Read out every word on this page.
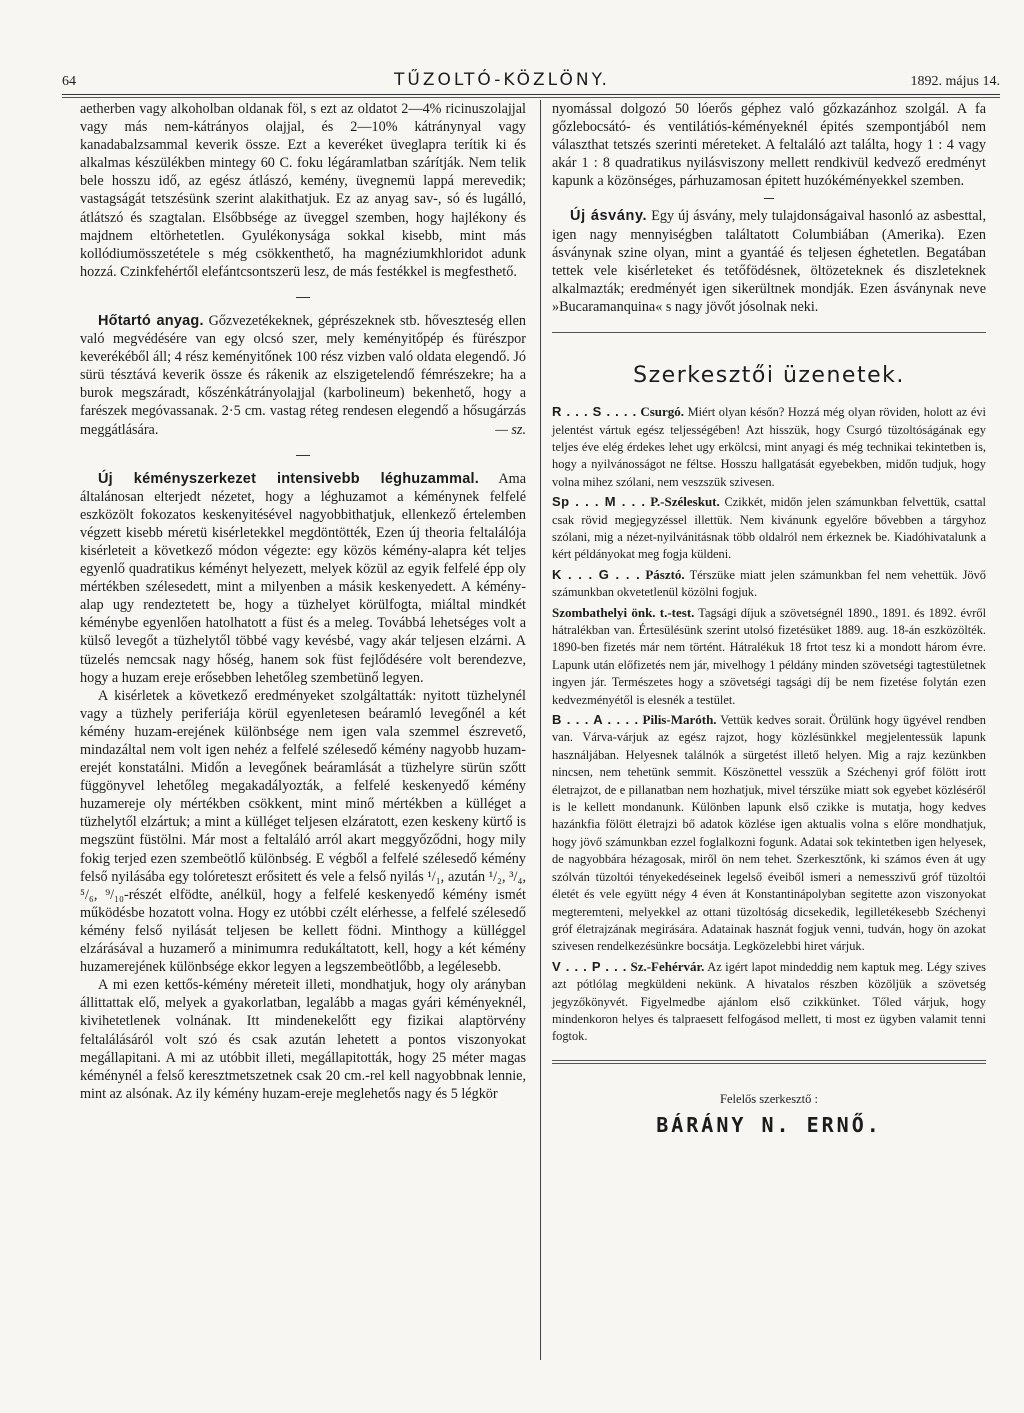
64	TŰZOLTÓ-KÖZLÖNY.	1892. május 14.

aetherben vagy alkoholban oldanak föl, s ezt az oldatot 2—4% ricinuszolajjal vagy más nem-kátrányos olajjal, és 2—10% kátránynyal vagy kanadabalzsammal keverik össze. Ezt a keveréket üveglapra terítik ki és alkalmas készülékben mintegy 60 C. foku légáramlatban szárítják. Nem telik bele hosszu idő, az egész átlászó, kemény, üvegnemü lappá merevedik; vastagságát tetszésünk szerint alakithatjuk. Ez az anyag sav-, só és lugálló, átlátszó és szagtalan. Elsőbbsége az üveggel szemben, hogy hajlékony és majdnem eltörhetetlen. Gyulékonysága sokkal kisebb, mint más kollódiumösszetétele s még csökkenthető, ha magnéziumkhloridot adunk hozzá. Czinkfehértől elefántcsontszerü lesz, de más festékkel is megfesthető.

Hőtartó anyag. Gőzvezetékeknek, géprészeknek stb. hőveszteség ellen való megvédésére van egy olcsó szer, mely keményitőpép és fürészpor keverékéből áll; 4 rész keményitőnek 100 rész vizben való oldata elegendő. Jó sürü tésztává keverik össze és rákenik az elszigetelendő fémrészekre; ha a burok megszáradt, kőszénkátrányolajjal (karbolineum) bekenhető, hogy a farészek megóvassanak. 2·5 cm. vastag réteg rendesen elegendő a hősugárzás meggátlására.	— sz.

Új kéményszerkezet intensivebb léghuzammal. Ama általánosan elterjedt nézetet, hogy a léghuzamot a kéménynek felfelé eszközölt fokozatos keskenyitésével nagyobbithatjuk, ellenkező értelemben végzett kisebb méretü kisérletekkel megdöntötték, Ezen új theoria feltalálója kisérleteit a következő módon végezte: egy közös kémény-alapra két teljes egyenlő quadratikus kéményt helyezett, melyek közül az egyik felfelé épp oly mértékben szélesedett, mint a milyenben a másik keskenyedett. A kémény-alap ugy rendeztetett be, hogy a tüzhelyet körülfogta, miáltal mindkét kéménybe egyenlően hatolhatott a füst és a meleg. Továbbá lehetséges volt a külső levegőt a tüzhelytől többé vagy kevésbé, vagy akár teljesen elzárni. A tüzelés nemcsak nagy hőség, hanem sok füst fejlődésére volt berendezve, hogy a huzam ereje erősebben lehetőleg szembetünő legyen.

A kisérletek a következő eredményeket szolgáltatták: nyitott tüzhelynél vagy a tüzhely periferiája körül egyenletesen beáramló levegőnél a két kémény huzam-erejének különbsége nem igen vala szemmel észrevető, mindazáltal nem volt igen nehéz a felfelé szélesedő kémény nagyobb huzam-erejét konstatálni. Midőn a levegőnek beáramlását a tüzhelyre sürün szőtt függönyvel lehetőleg megakadályozták, a felfelé keskenyedő kémény huzamereje oly mértékben csökkent, mint minő mértékben a külléget a tüzhelytől elzártuk; a mint a külléget teljesen elzáratott, ezen keskeny kürtő is megszünt füstölni. Már most a feltaláló arról akart meggyőződni, hogy mily fokig terjed ezen szembeötlő különbség. E végből a felfelé szélesedő kémény felső nyilásába egy tolóreteszt erősitett és vele a felső nyilás ¹/₁, azután ¹/₂, ³/₄, ⁵/₆, ⁹/₁₀-részét elfödte, anélkül, hogy a felfelé keskenyedő kémény ismét működésbe hozatott volna. Hogy ez utóbbi czélt elérhesse, a felfelé szélesedő kémény felső nyilását teljesen be kellett födni. Minthogy a külléggel elzárásával a huzamerő a minimumra redukáltatott, kell, hogy a két kémény huzamerejének különbsége ekkor legyen a legszembeötlőbb, a legélesebb.

A mi ezen kettős-kémény méreteit illeti, mondhatjuk, hogy oly arányban állittattak elő, melyek a gyakorlatban, legalább a magas gyári kéményeknél, kivihetetlenek volnának. Itt mindenekelőtt egy fizikai alaptörvény feltalálásáról volt szó és csak azután lehetett a pontos viszonyokat megállapitani. A mi az utóbbit illeti, megállapitották, hogy 25 méter magas kéménynél a felső keresztmetszetnek csak 20 cm.-rel kell nagyobbnak lennie, mint az alsónak. Az ily kémény huzam-ereje meglehetős nagy és 5 légkör

nyomással dolgozó 50 lóerős géphez való gőzkazánhoz szolgál. A fa gőzlebocsátó- és ventilátiós-kéményeknél épités szempontjából nem választhat tetszés szerinti méreteket. A feltaláló azt találta, hogy 1 : 4 vagy akár 1 : 8 quadratikus nyilásviszony mellett rendkivül kedvező eredményt kapunk a közönséges, párhuzamosan épitett huzókéményekkel szemben.

Új ásvány. Egy új ásvány, mely tulajdonságaival hasonló az asbesttal, igen nagy mennyiségben találtatott Columbiában (Amerika). Ezen ásványnak szine olyan, mint a gyantáé és teljesen éghetetlen. Begatában tettek vele kisérleteket és tetőfödésnek, öltözeteknek és diszleteknek alkalmazták; eredményét igen sikerültnek mondják. Ezen ásványnak neve »Bucaramanquina« s nagy jövőt jósolnak neki.

Szerkesztői üzenetek.

R . . . S . . . . Csurgó. Miért olyan későn? Hozzá még olyan röviden, holott az évi jelentést vártuk egész teljességében! Azt hisszük, hogy Csurgó tüzoltóságának egy teljes éve elég érdekes lehet ugy erkölcsi, mint anyagi és még technikai tekintetben is, hogy a nyilvánosságot ne féltse. Hosszu hallgatását egyebekben, midőn tudjuk, hogy volna mihez szólani, nem veszszük szivesen.

Sp . . . M . . . P.-Széleskut. Czikkét, midőn jelen számunkban felvettük, csattal csak rövid megjegyzéssel illettük. Nem kivánunk egyelőre bővebben a tárgyhoz szólani, mig a nézet-nyilvánitásnak több oldalról nem érkeznek be. Kiadóhivatalunk a kért példányokat meg fogja küldeni.

K . . . G . . . Pásztó. Térszüke miatt jelen számunkban fel nem vehettük. Jövő számunkban okvetetlenül közölni fogjuk.

Szombathelyi önk. t.-test. Tagsági díjuk a szövetségnél 1890., 1891. és 1892. évről hátralékban van. Értesülésünk szerint utolsó fizetésüket 1889. aug. 18-án eszközölték. 1890-ben fizetés már nem történt. Hátralékuk 18 frtot tesz ki a mondott három évre. Lapunk után előfizetés nem jár, mivelhogy 1 példány minden szövetségi tagtestületnek ingyen jár. Természetes hogy a szövetségi tagsági díj be nem fizetése folytán ezen kedvezményétől is elesnék a testület.

B . . . A . . . . Pilis-Maróth. Vettük kedves sorait. Örülünk hogy ügyével rendben van. Várva-várjuk az egész rajzot, hogy közlésünkkel megjelentessük lapunk használjában. Helyesnek találnók a sürgetést illető helyen. Mig a rajz kezünkben nincsen, nem tehetünk semmit. Köszönettel vesszük a Széchenyi gróf fölött irott életrajzot, de e pillanatban nem hozhatjuk, mivel térszüke miatt sok egyebet közléséről is le kellett mondanunk. Különben lapunk első czikke is mutatja, hogy kedves hazánkfia fölött életrajzi bő adatok közlése igen aktualis volna s előre mondhatjuk, hogy jövő számunkban ezzel foglalkozni fogunk. Adatai sok tekintetben igen helyesek, de nagyobbára hézagosak, miről ön nem tehet. Szerkesztőnk, ki számos éven át ugy szólván tüzoltói tényekedéseinek legelső éveiből ismeri a nemesszivű gróf tüzoltói életét és vele együtt négy 4 éven át Konstantinápolyban segitette azon viszonyokat megteremteni, melyekkel az ottani tüzoltóság dicsekedik, legilletékesebb Széchenyi gróf életrajzának megirására. Adatainak hasznát fogjuk venni, tudván, hogy ön azokat szivesen rendelkezésünkre bocsátja. Legközelebbi hiret várjuk.

V . . . P . . . Sz.-Fehérvár. Az igért lapot mindeddig nem kaptuk meg. Légy szives azt pótlólag megküldeni nekünk. A hivatalos részben közöljük a szövetség jegyzőkönyvét. Figyelmedbe ajánlom első czikkünket. Tőled várjuk, hogy mindenkoron helyes és talpraesett felfogásod mellett, ti most ez ügyben valamit tenni fogtok.

Felelős szerkesztő :
BÁRÁNY N. ERNŐ.
